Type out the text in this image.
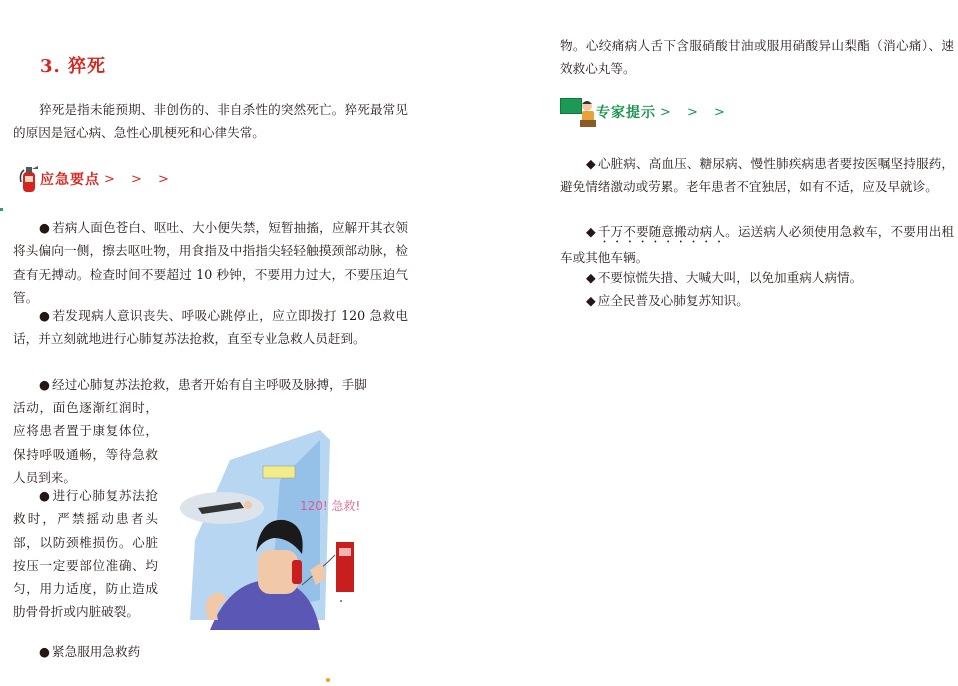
3. 猝死

猝死是指未能预期、非创伤的、非自杀性的突然死亡。猝死最常见的原因是冠心病、急性心肌梗死和心律失常。

应急要点 > > >

● 若病人面色苍白、呕吐、大小便失禁，短暂抽搐，应解开其衣领将头偏向一侧，擦去呕吐物，用食指及中指指尖轻轻触摸颈部动脉，检查有无搏动。检查时间不要超过 10 秒钟，不要用力过大，不要压迫气管。

● 若发现病人意识丧失、呼吸心跳停止，应立即拨打 120 急救电话，并立刻就地进行心肺复苏法抢救，直至专业急救人员赶到。

● 经过心肺复苏法抢救，患者开始有自主呼吸及脉搏，手脚

活动，面色逐渐红润时，应将患者置于康复体位，保持呼吸通畅，等待急救人员到来。

● 进行心肺复苏法抢救时，严禁摇动患者头部，以防颈椎损伤。心脏按压一定要部位准确、均匀，用力适度，防止造成肋骨骨折或内脏破裂。

● 紧急服用急救药

120! 急救!

物。心绞痛病人舌下含服硝酸甘油或服用硝酸异山梨酯（消心痛）、速效救心丸等。

专家提示 > > >

◆ 心脏病、高血压、糖尿病、慢性肺疾病患者要按医嘱坚持服药，避免情绪激动或劳累。老年患者不宜独居，如有不适，应及早就诊。

◆ 千万不要随意搬动病人。运送病人必须使用急救车，不要用出租车或其他车辆。

◆ 不要惊慌失措、大喊大叫，以免加重病人病情。

◆ 应全民普及心肺复苏知识。
